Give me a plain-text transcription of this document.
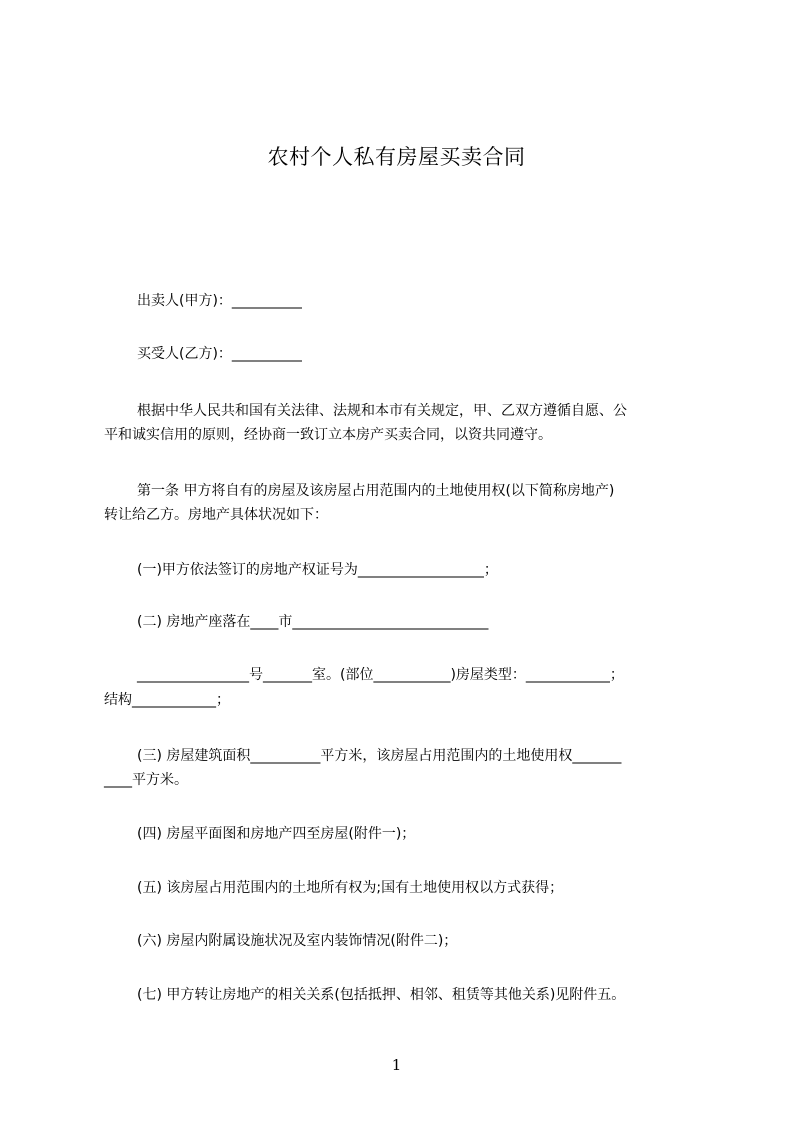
农村个人私有房屋买卖合同
出卖人(甲方)：__________
买受人(乙方)：__________
根据中华人民共和国有关法律、法规和本市有关规定，甲、乙双方遵循自愿、公
平和诚实信用的原则，经协商一致订立本房产买卖合同，以资共同遵守。
第一条 甲方将自有的房屋及该房屋占用范围内的土地使用权(以下简称房地产)
转让给乙方。房地产具体状况如下：
(一)甲方依法签订的房地产权证号为__________________；
(二) 房地产座落在____市____________________________
________________号_______室。(部位___________)房屋类型：____________；
结构____________；
(三) 房屋建筑面积__________平方米，该房屋占用范围内的土地使用权_______
____平方米。
(四) 房屋平面图和房地产四至房屋(附件一)；
(五) 该房屋占用范围内的土地所有权为;国有土地使用权以方式获得；
(六) 房屋内附属设施状况及室内装饰情况(附件二)；
(七) 甲方转让房地产的相关关系(包括抵押、相邻、租赁等其他关系)见附件五。
1
